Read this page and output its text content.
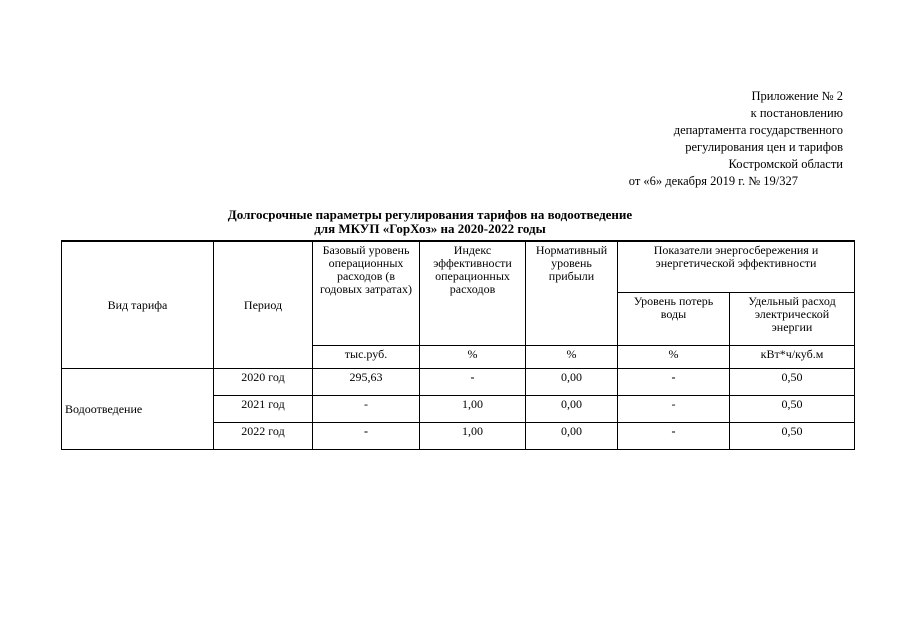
Приложение № 2
к постановлению
департамента государственного
регулирования цен и тарифов
Костромской области
от «6» декабря 2019 г. № 19/327
Долгосрочные параметры регулирования тарифов на водоотведение
для МКУП «ГорХоз» на 2020-2022 годы
Вид тарифа	Период	Базовый уровень операционных расходов (в годовых затратах)	Индекс эффективности операционных расходов	Нормативный уровень прибыли	Показатели энергосбережения и энергетической эффективности	
					Уровень потерь воды	Удельный расход электрической энергии
		тыс.руб.	%	%	%	кВт*ч/куб.м
Водоотведение	2020 год	295,63	-	0,00	-	0,50
	2021 год	-	1,00	0,00	-	0,50
	2022 год	-	1,00	0,00	-	0,50
